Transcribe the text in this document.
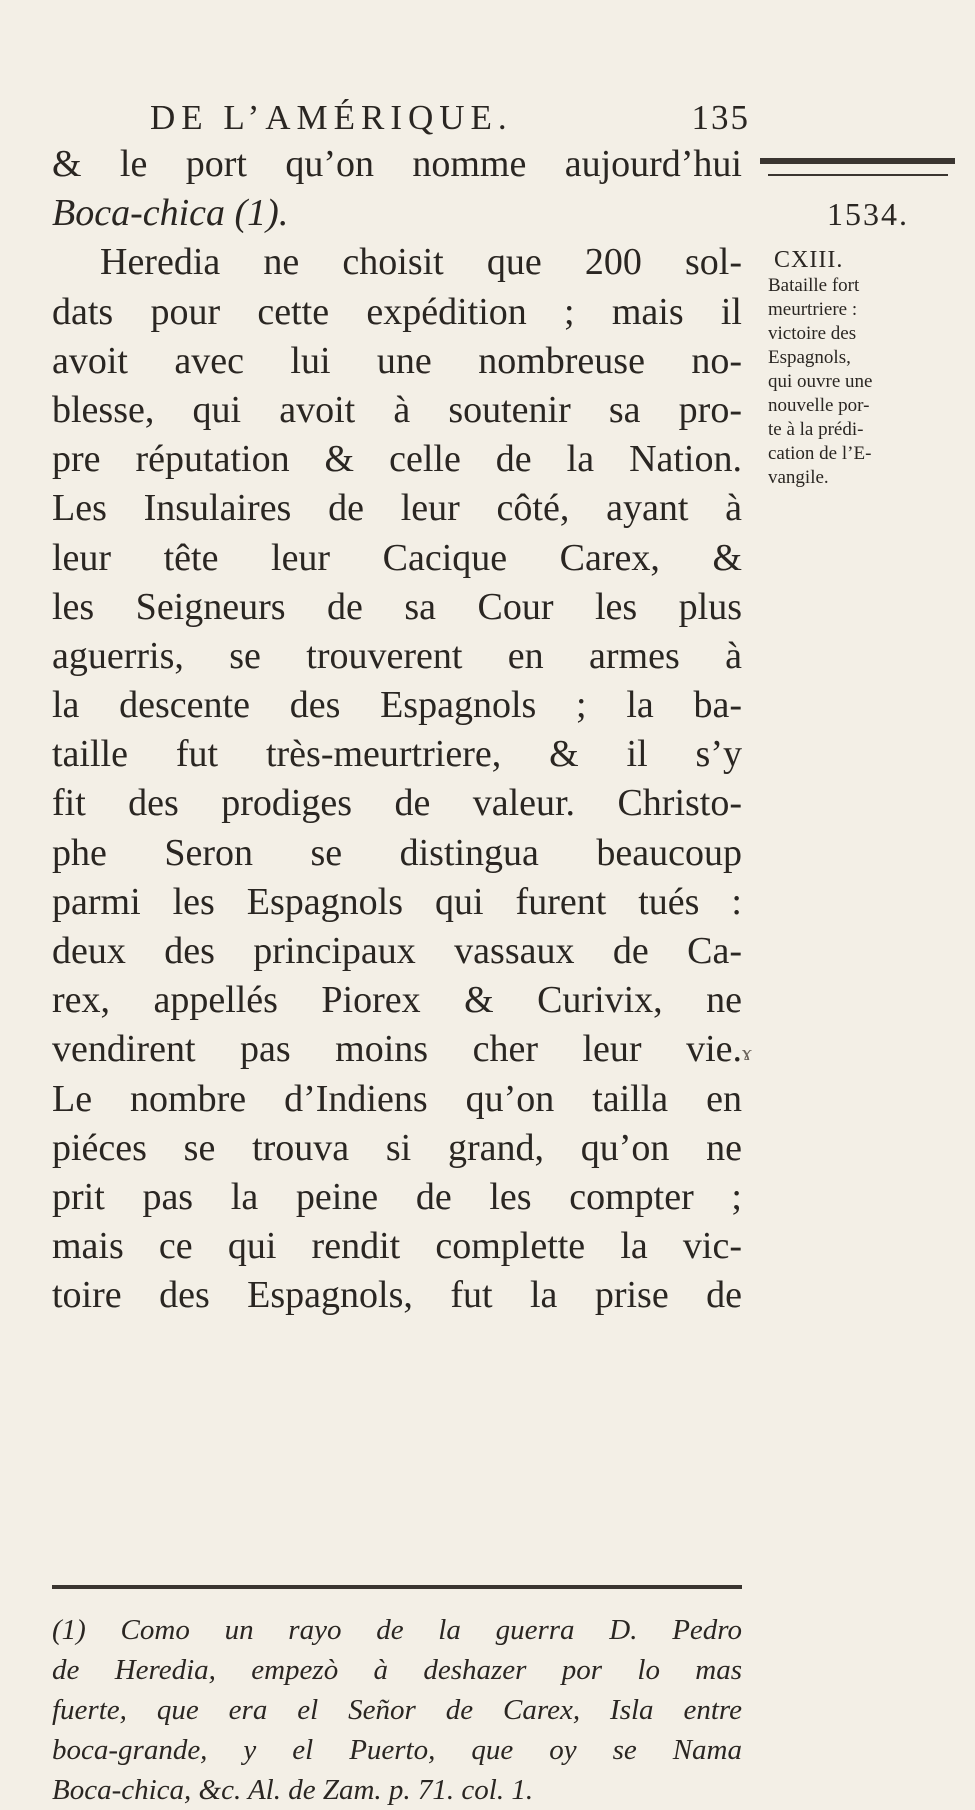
DE L’AMÉRIQUE.	135
& le port qu’on nomme aujourd’hui
Boca-chica (1).
Heredia ne choisit que 200 sol-
dats pour cette expédition ; mais il
avoit avec lui une nombreuse no-
blesse, qui avoit à soutenir sa pro-
pre réputation & celle de la Nation.
Les Insulaires de leur côté, ayant à
leur tête leur Cacique Carex, &
les Seigneurs de sa Cour les plus
aguerris, se trouverent en armes à
la descente des Espagnols ; la ba-
taille fut très-meurtriere, & il s’y
fit des prodiges de valeur. Christo-
phe Seron se distingua beaucoup
parmi les Espagnols qui furent tués :
deux des principaux vassaux de Ca-
rex, appellés Piorex & Curivix, ne
vendirent pas moins cher leur vie.
Le nombre d’Indiens qu’on tailla en
piéces se trouva si grand, qu’on ne
prit pas la peine de les compter ;
mais ce qui rendit complette la vic-
toire des Espagnols, fut la prise de
1534.
CXIII.
Bataille fort
meurtriere :
victoire des
Espagnols,
qui ouvre une
nouvelle por-
te à la prédi-
cation de l’E-
vangile.
ɤ
(1) Como un rayo de la guerra D. Pedro
de Heredia, empezò à deshazer por lo mas
fuerte, que era el Señor de Carex, Isla entre
boca-grande, y el Puerto, que oy se Nama
Boca-chica, &c. Al. de Zam. p. 71. col. 1.
